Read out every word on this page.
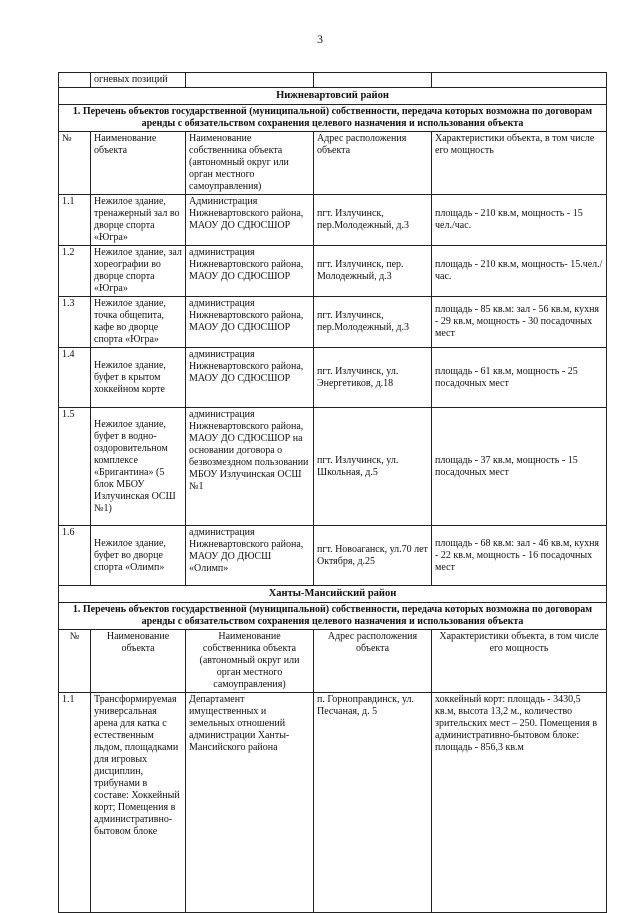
3
	огневых позиций			
Нижневартовсий район				
1. Перечень объектов государственной (муниципальной) собственности, передача которых возможна по договорам аренды с обязательством сохранения целевого назначения и использования объекта				
№	Наименование объекта	Наименование собственника объекта (автономный округ или орган местного самоуправления)	Адрес расположения объекта	Характеристики объекта, в том числе его мощность
1.1	Нежилое здание, тренажерный зал во дворце спорта «Югра»	Администрация Нижневартовского района, МАОУ ДО СДЮСШОР	пгт. Излучинск, пер.Молодежный, д.3	площадь - 210 кв.м, мощность - 15 чел./час.
1.2	Нежилое здание, зал хореографии во дворце спорта «Югра»	администрация Нижневартовского района, МАОУ ДО СДЮСШОР	пгт. Излучинск, пер. Молодежный, д.3	площадь - 210 кв.м, мощность- 15.чел./час.
1.3	Нежилое здание, точка общепита, кафе во дворце спорта «Югра»	администрация Нижневартовского района, МАОУ ДО СДЮСШОР	пгт. Излучинск, пер.Молодежный, д.3	площадь - 85 кв.м: зал - 56 кв.м, кухня - 29 кв.м, мощность - 30 посадочных мест
1.4	Нежилое здание, буфет в крытом хоккейном корте	администрация Нижневартовского района, МАОУ ДО СДЮСШОР	пгт. Излучинск, ул. Энергетиков, д.18	площадь - 61 кв.м, мощность - 25 посадочных мест
1.5	Нежилое здание, буфет в водно-оздоровительном комплексе «Бригантина» (5 блок МБОУ Излучинская ОСШ №1)	администрация Нижневартовского района, МАОУ ДО СДЮСШОР на основании договора о безвозмездном пользовании МБОУ Излучинская ОСШ №1	пгт. Излучинск, ул. Школьная, д.5	площадь - 37 кв.м, мощность - 15 посадочных мест
1.6	Нежилое здание, буфет во дворце спорта «Олимп»	администрация Нижневартовского района, МАОУ ДО ДЮСШ «Олимп»	пгт. Новоаганск, ул.70 лет Октября, д.25	площадь - 68 кв.м: зал - 46 кв.м, кухня - 22 кв.м, мощность - 16 посадочных мест
Ханты-Мансийский район				
1. Перечень объектов государственной (муниципальной) собственности, передача которых возможна по договорам аренды с обязательством сохранения целевого назначения и использования объекта				
№	Наименование объекта	Наименование собственника объекта (автономный округ или орган местного самоуправления)	Адрес расположения объекта	Характеристики объекта, в том числе его мощность
1.1	Трансформируемая универсальная арена для катка с естественным льдом, площадками для игровых дисциплин, трибунами в составе: Хоккейный корт; Помещения в административно-бытовом блоке	Департамент имущественных и земельных отношений администрации Ханты-Мансийского района	п. Горноправдинск, ул. Песчаная, д. 5	хоккейный корт: площадь - 3430,5 кв.м, высота 13,2 м., количество зрительских мест – 250. Помещения в административно-бытовом блоке: площадь - 856,3 кв.м
